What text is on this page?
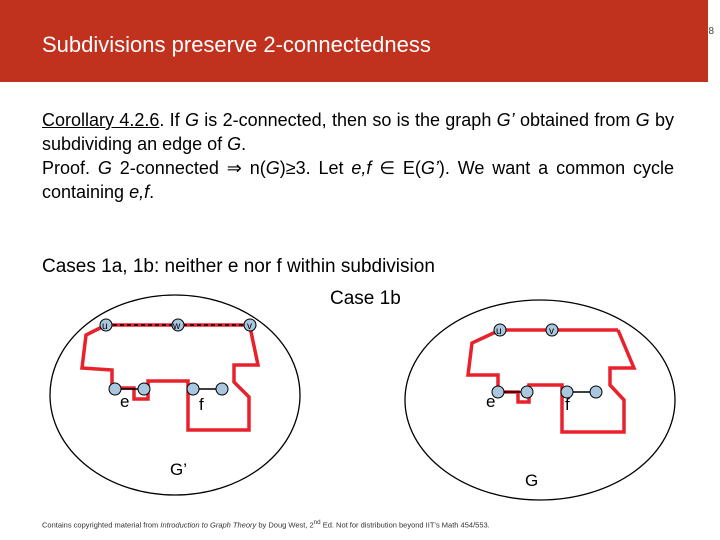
Subdivisions preserve 2-connectedness
8

Corollary 4.2.6. If G is 2-connected, then so is the graph G’ obtained from G by subdividing an edge of G.

Proof. G 2-connected ⇒ n(G)≥3. Let e,f ∈ E(G’). We want a common cycle containing e,f.

Cases 1a, 1b: neither e nor f within subdivision
Case 1b
u	w	v
e	f
G’
u	v
e	f
G
Contains copyrighted material from Introduction to Graph Theory by Doug West, 2nd Ed. Not for distribution beyond IIT’s Math 454/553.
